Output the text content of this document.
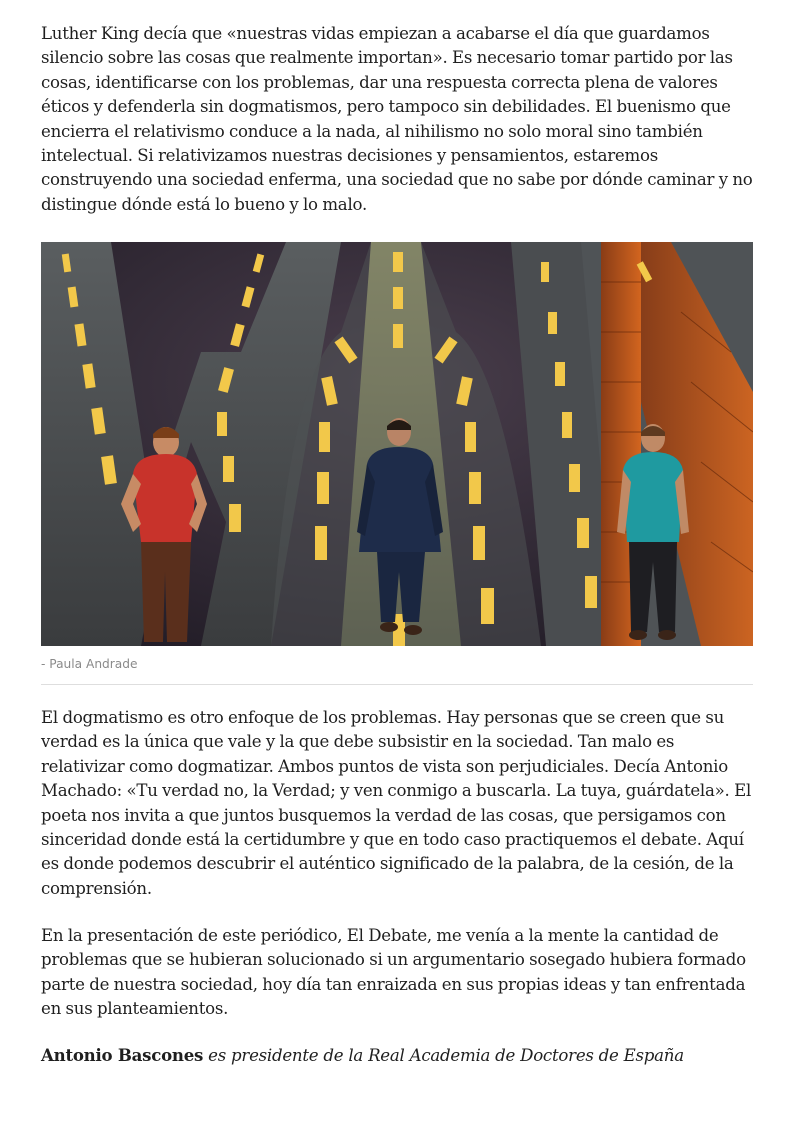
Luther King decía que «nuestras vidas empiezan a acabarse el día que guardamos silencio sobre las cosas que realmente importan». Es necesario tomar partido por las cosas, identificarse con los problemas, dar una respuesta correcta plena de valores éticos y defenderla sin dogmatismos, pero tampoco sin debilidades. El buenismo que encierra el relativismo conduce a la nada, al nihilismo no solo moral sino también intelectual. Si relativizamos nuestras decisiones y pensamientos, estaremos construyendo una sociedad enferma, una sociedad que no sabe por dónde caminar y no distingue dónde está lo bueno y lo malo.

- Paula Andrade

El dogmatismo es otro enfoque de los problemas. Hay personas que se creen que su verdad es la única que vale y la que debe subsistir en la sociedad. Tan malo es relativizar como dogmatizar. Ambos puntos de vista son perjudiciales. Decía Antonio Machado: «Tu verdad no, la Verdad; y ven conmigo a buscarla. La tuya, guárdatela». El poeta nos invita a que juntos busquemos la verdad de las cosas, que persigamos con sinceridad donde está la certidumbre y que en todo caso practiquemos el debate. Aquí es donde podemos descubrir el auténtico significado de la palabra, de la cesión, de la comprensión.

En la presentación de este periódico, El Debate, me venía a la mente la cantidad de problemas que se hubieran solucionado si un argumentario sosegado hubiera formado parte de nuestra sociedad, hoy día tan enraizada en sus propias ideas y tan enfrentada en sus planteamientos.

Antonio Bascones es presidente de la Real Academia de Doctores de España
